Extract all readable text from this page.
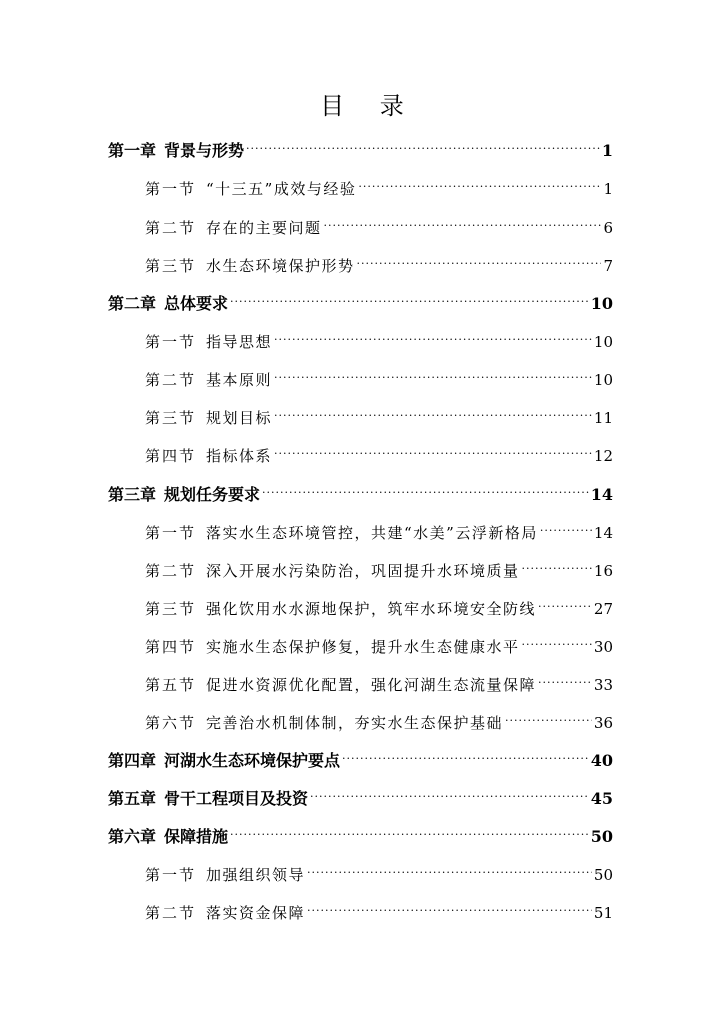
目 录
第一章 背景与形势 .....	1
第一节 “十三五”成效与经验 .....	1
第二节 存在的主要问题 .....	6
第三节 水生态环境保护形势 .....	7
第二章 总体要求 .....	10
第一节 指导思想 .....	10
第二节 基本原则 .....	10
第三节 规划目标 .....	11
第四节 指标体系 .....	12
第三章 规划任务要求 .....	14
第一节 落实水生态环境管控，共建“水美”云浮新格局 .....	14
第二节 深入开展水污染防治，巩固提升水环境质量 .....	16
第三节 强化饮用水水源地保护，筑牢水环境安全防线 .....	27
第四节 实施水生态保护修复，提升水生态健康水平 .....	30
第五节 促进水资源优化配置，强化河湖生态流量保障 .....	33
第六节 完善治水机制体制，夯实水生态保护基础 .....	36
第四章 河湖水生态环境保护要点 .....	40
第五章 骨干工程项目及投资 .....	45
第六章 保障措施 .....	50
第一节 加强组织领导 .....	50
第二节 落实资金保障 .....	51
